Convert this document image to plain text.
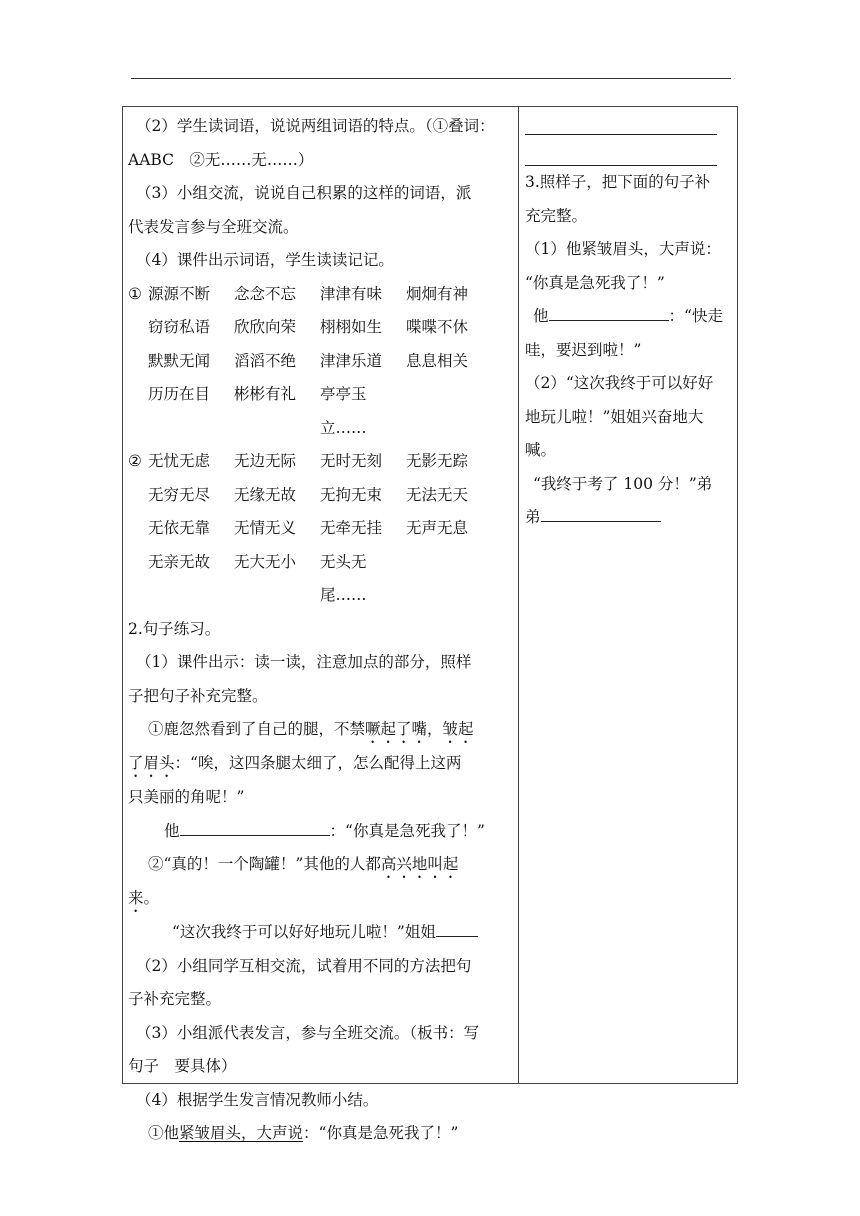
（2）学生读词语，说说两组词语的特点。（①叠词：

AABC　②无……无……）

（3）小组交流，说说自己积累的这样的词语，派

代表发言参与全班交流。

（4）课件出示词语，学生读读记记。

① 源源不断	念念不忘	津津有味	炯炯有神
窃窃私语	欣欣向荣	栩栩如生	喋喋不休
默默无闻	滔滔不绝	津津乐道	息息相关
历历在目	彬彬有礼	亭亭玉立……
② 无忧无虑	无边无际	无时无刻	无影无踪
无穷无尽	无缘无故	无拘无束	无法无天
无依无靠	无情无义	无牵无挂	无声无息
无亲无故	无大无小	无头无尾……

2.句子练习。

（1）课件出示：读一读，注意加点的部分，照样

子把句子补充完整。

①鹿忽然看到了自己的腿，不禁噘起了嘴，皱起

了眉头：“唉，这四条腿太细了，怎么配得上这两

只美丽的角呢！”

他	：“你真是急死我了！”

②“真的！一个陶罐！”其他的人都高兴地叫起

来。

“这次我终于可以好好地玩儿啦！”姐姐

（2）小组同学互相交流，试着用不同的方法把句

子补充完整。

（3）小组派代表发言，参与全班交流。（板书：写

句子　要具体）

（4）根据学生发言情况教师小结。

①他紧皱眉头，大声说：“你真是急死我了！”

3.照样子，把下面的句子补

充完整。

（1）他紧皱眉头，大声说：

“你真是急死我了！”

他	：“快走

哇，要迟到啦！”

（2）“这次我终于可以好好

地玩儿啦！”姐姐兴奋地大

喊。

“我终于考了 100 分！”弟

弟
